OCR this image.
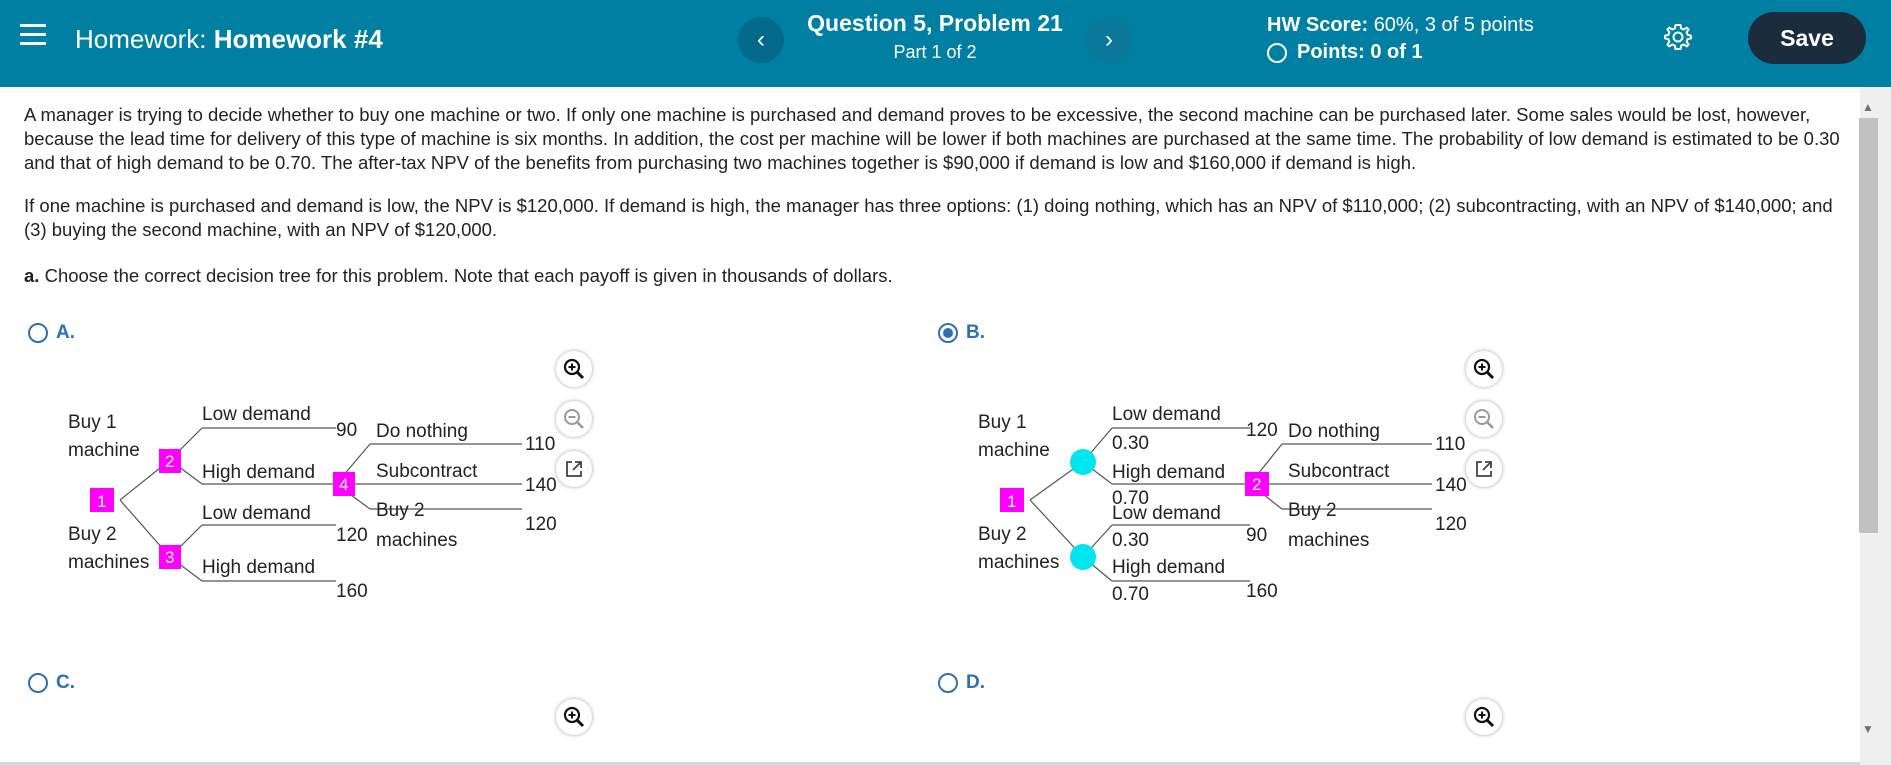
Homework: Homework #4	‹
Question 5, Problem 21
Part 1 of 2	›
HW Score: 60%, 3 of 5 points
Points:
0 of 1
Save
A manager is trying to decide whether to buy one machine or two. If only one machine is purchased and demand proves to be excessive, the second machine can be purchased later. Some sales would be lost, however, because the lead time for delivery of this type of machine is six months. In addition, the cost per machine will be lower if both machines are purchased at the same time. The probability of low demand is estimated to be 0.30 and that of high demand to be 0.70. The after-tax NPV of the benefits from purchasing two machines together is $90,000 if demand is low and $160,000 if demand is high.
If one machine is purchased and demand is low, the NPV is $120,000. If demand is high, the manager has three options: (1) doing nothing, which has an NPV of $110,000; (2) subcontracting, with an NPV of $140,000; and (3) buying the second machine, with an NPV of $120,000.
a. Choose the correct decision tree for this problem. Note that each payoff is given in thousands of dollars.
A.	B.
C.	D.
Buy 1
machine
Buy 2
machines
1
2
3
4
Low demand
High demand
Low demand
High demand
90
120
160
Do nothing
Subcontract
Buy 2
machines
110
140
120
Buy 1
machine
Buy 2
machines
1
2
Low demand
0.30
High demand
0.70
Low demand
0.30
High demand
0.70
120
90
160
Do nothing
Subcontract
Buy 2
machines
110
140
120
▲
▼
